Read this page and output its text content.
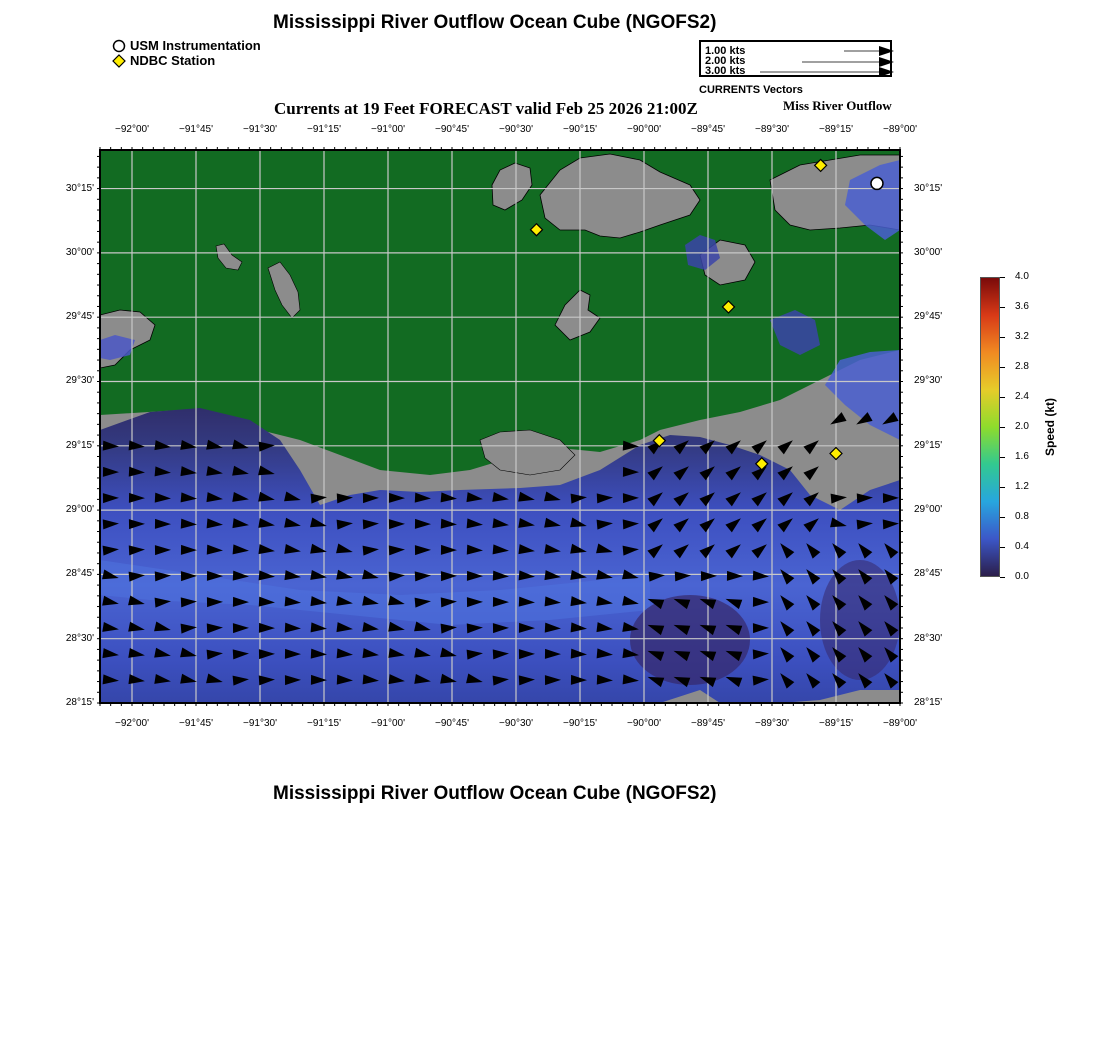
Mississippi River Outflow Ocean Cube (NGOFS2)
USM Instrumentation
NDBC Station
1.00 kts
2.00 kts
3.00 kts
CURRENTS Vectors
Currents at 19 Feet FORECAST valid Feb 25 2026 21:00Z	Miss River Outflow
−92°00'	−91°45'	−91°30'	−91°15'	−91°00'	−90°45'	−90°30'	−90°15'	−90°00'	−89°45'	−89°30'	−89°15'	−89°00'
−92°00'	−91°45'	−91°30'	−91°15'	−91°00'	−90°45'	−90°30'	−90°15'	−90°00'	−89°45'	−89°30'	−89°15'	−89°00'
30°15'
30°00'
29°45'
29°30'
29°15'
29°00'
28°45'
28°30'
28°15'
30°15'
30°00'
29°45'
29°30'
29°15'
29°00'
28°45'
28°30'
28°15'
4.0
3.6
3.2
2.8
2.4
2.0
1.6
1.2
0.8
0.4
0.0
Speed (kt)
Mississippi River Outflow Ocean Cube (NGOFS2)
